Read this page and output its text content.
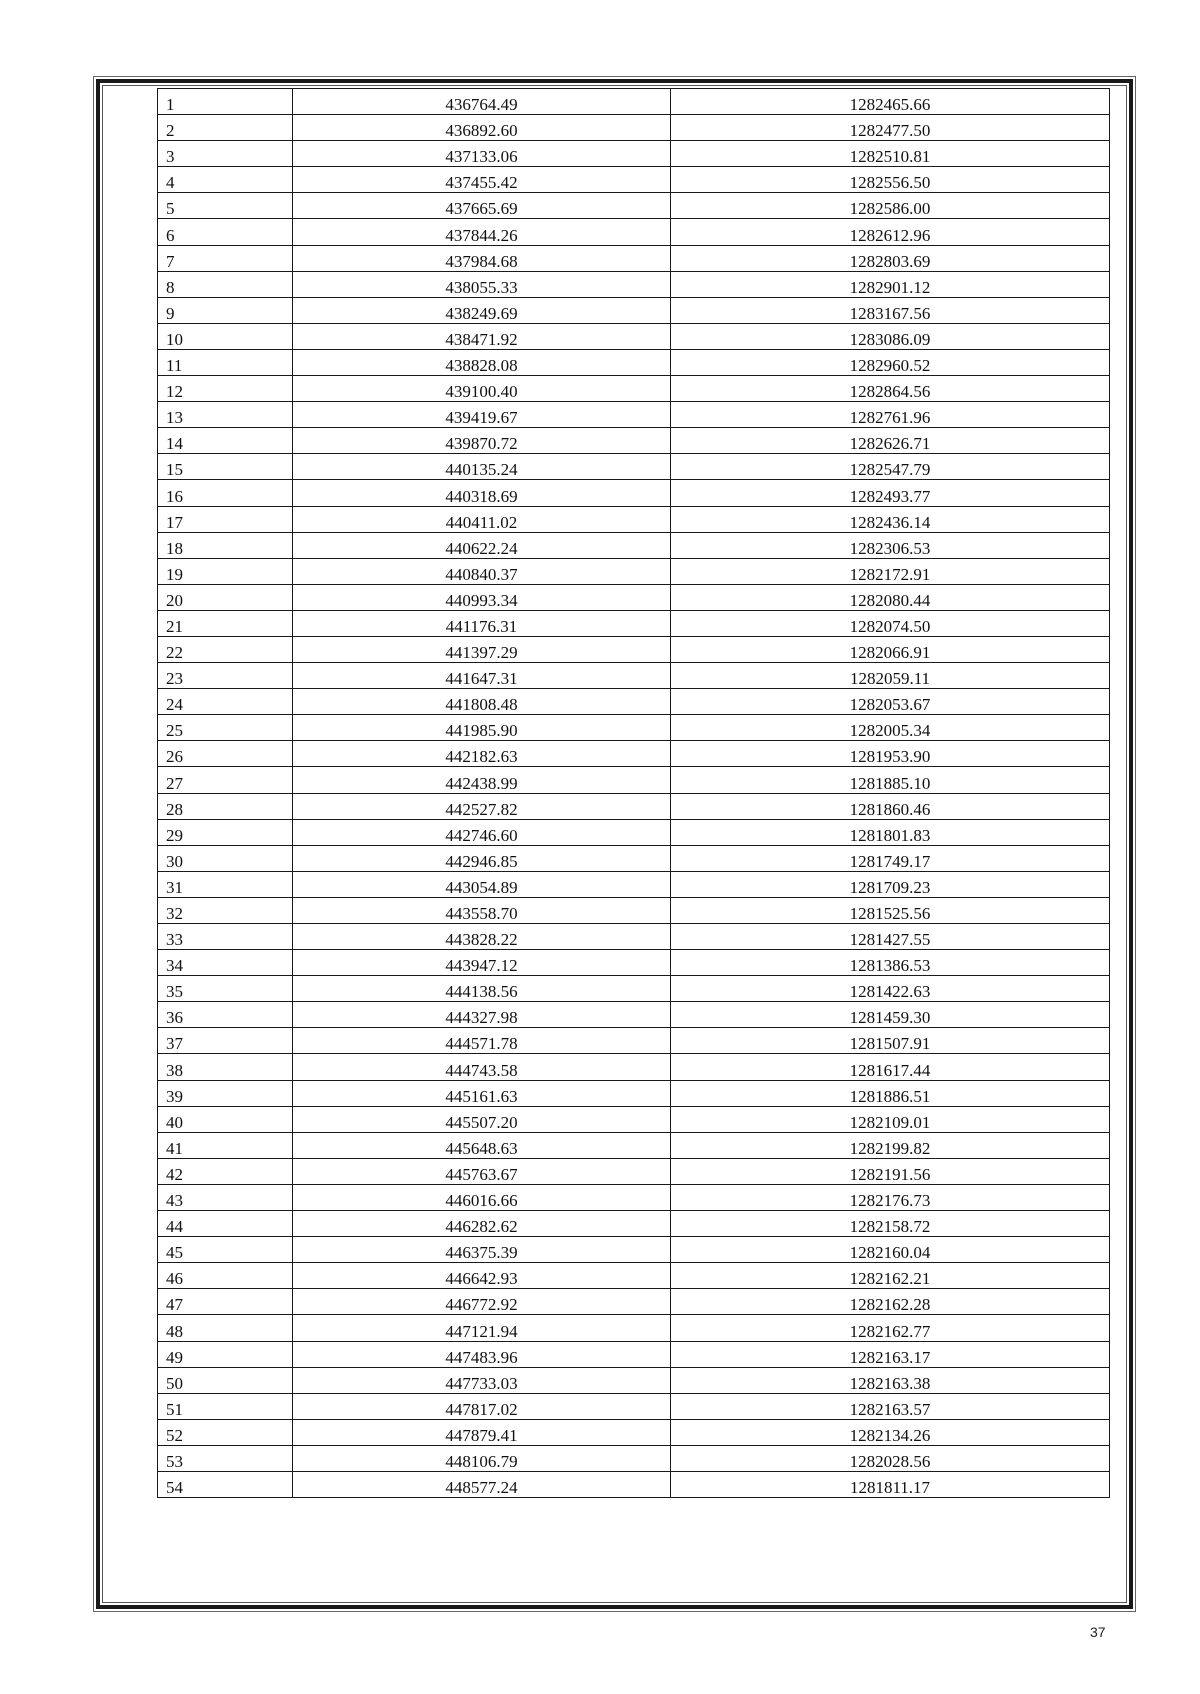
1	436764.49	1282465.66
2	436892.60	1282477.50
3	437133.06	1282510.81
4	437455.42	1282556.50
5	437665.69	1282586.00
6	437844.26	1282612.96
7	437984.68	1282803.69
8	438055.33	1282901.12
9	438249.69	1283167.56
10	438471.92	1283086.09
11	438828.08	1282960.52
12	439100.40	1282864.56
13	439419.67	1282761.96
14	439870.72	1282626.71
15	440135.24	1282547.79
16	440318.69	1282493.77
17	440411.02	1282436.14
18	440622.24	1282306.53
19	440840.37	1282172.91
20	440993.34	1282080.44
21	441176.31	1282074.50
22	441397.29	1282066.91
23	441647.31	1282059.11
24	441808.48	1282053.67
25	441985.90	1282005.34
26	442182.63	1281953.90
27	442438.99	1281885.10
28	442527.82	1281860.46
29	442746.60	1281801.83
30	442946.85	1281749.17
31	443054.89	1281709.23
32	443558.70	1281525.56
33	443828.22	1281427.55
34	443947.12	1281386.53
35	444138.56	1281422.63
36	444327.98	1281459.30
37	444571.78	1281507.91
38	444743.58	1281617.44
39	445161.63	1281886.51
40	445507.20	1282109.01
41	445648.63	1282199.82
42	445763.67	1282191.56
43	446016.66	1282176.73
44	446282.62	1282158.72
45	446375.39	1282160.04
46	446642.93	1282162.21
47	446772.92	1282162.28
48	447121.94	1282162.77
49	447483.96	1282163.17
50	447733.03	1282163.38
51	447817.02	1282163.57
52	447879.41	1282134.26
53	448106.79	1282028.56
54	448577.24	1281811.17
37
